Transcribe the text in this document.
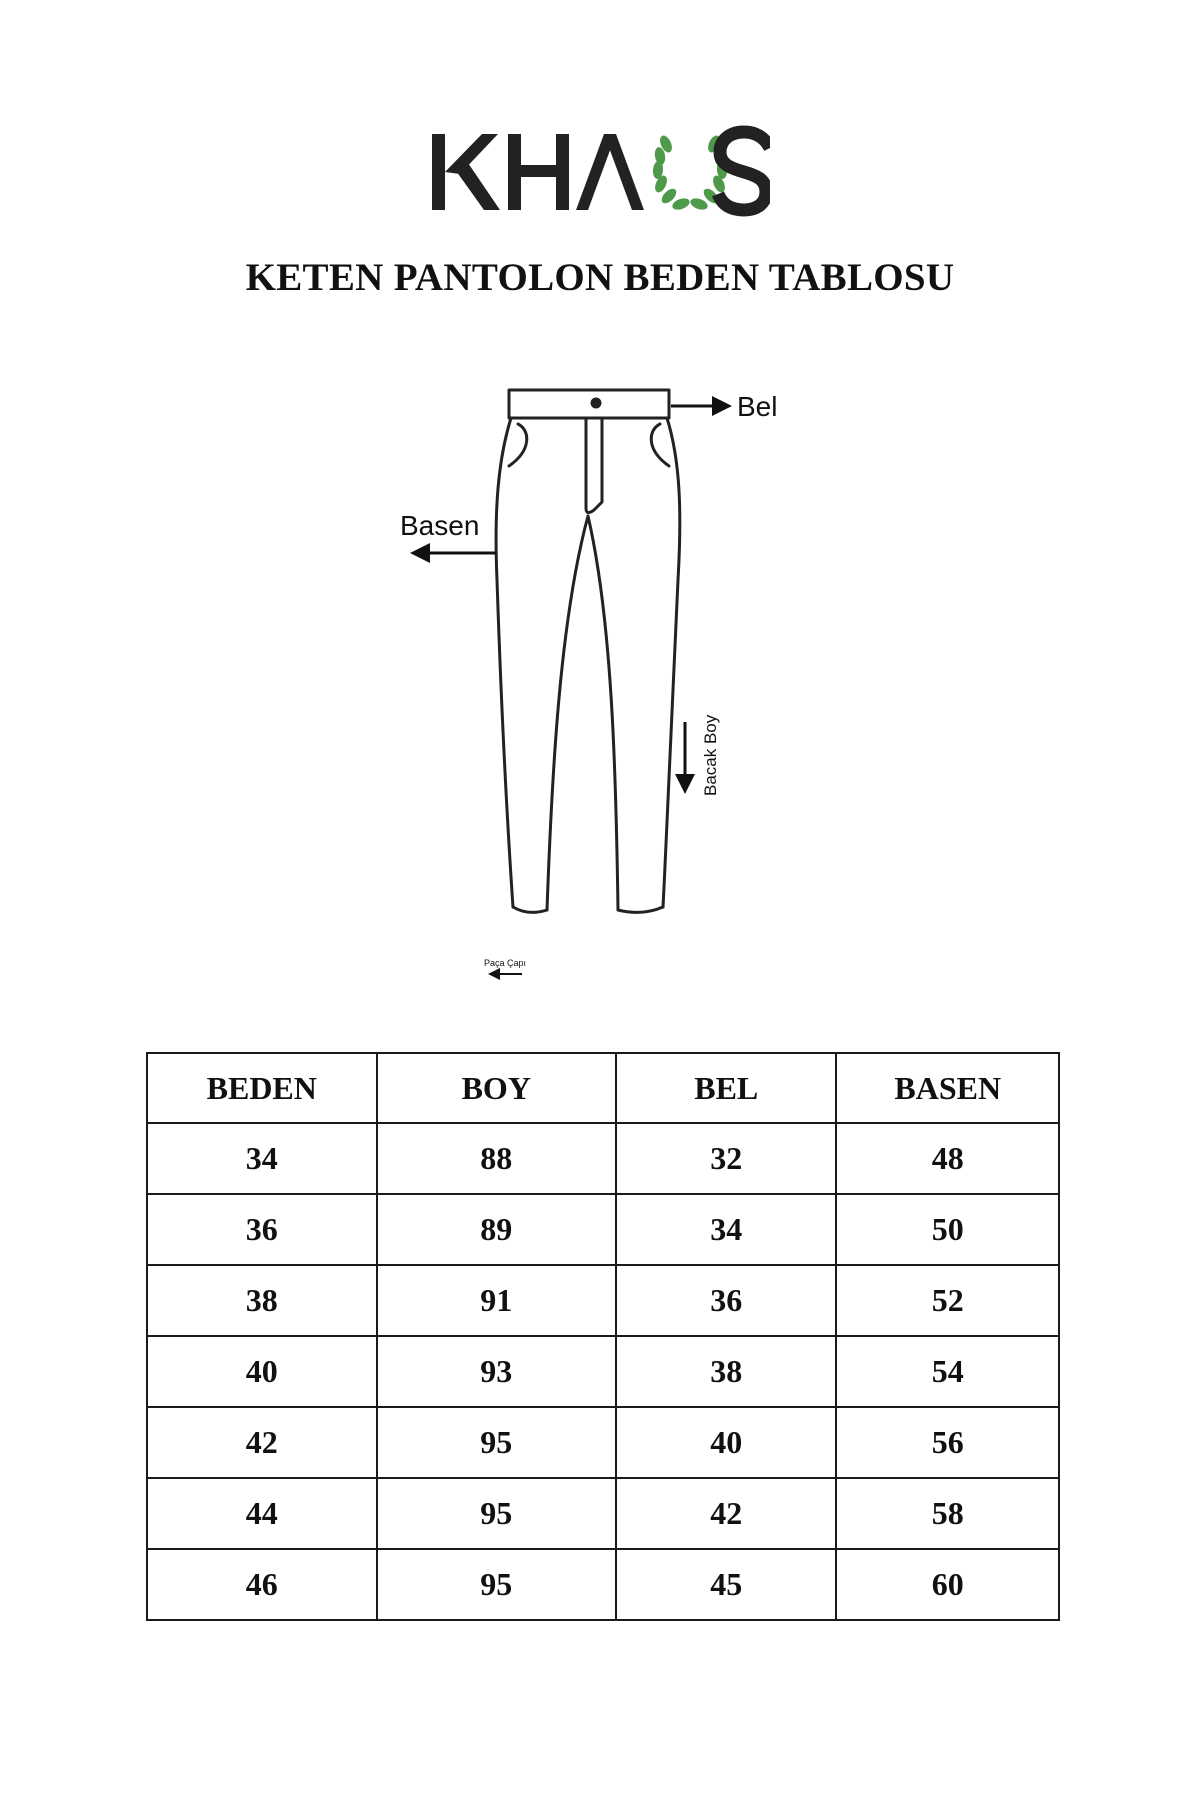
KETEN PANTOLON BEDEN TABLOSU
Bel
Basen
Bacak Boy
Paça Çapı
BEDEN	BOY	BEL	BASEN
34	88	32	48
36	89	34	50
38	91	36	52
40	93	38	54
42	95	40	56
44	95	42	58
46	95	45	60
